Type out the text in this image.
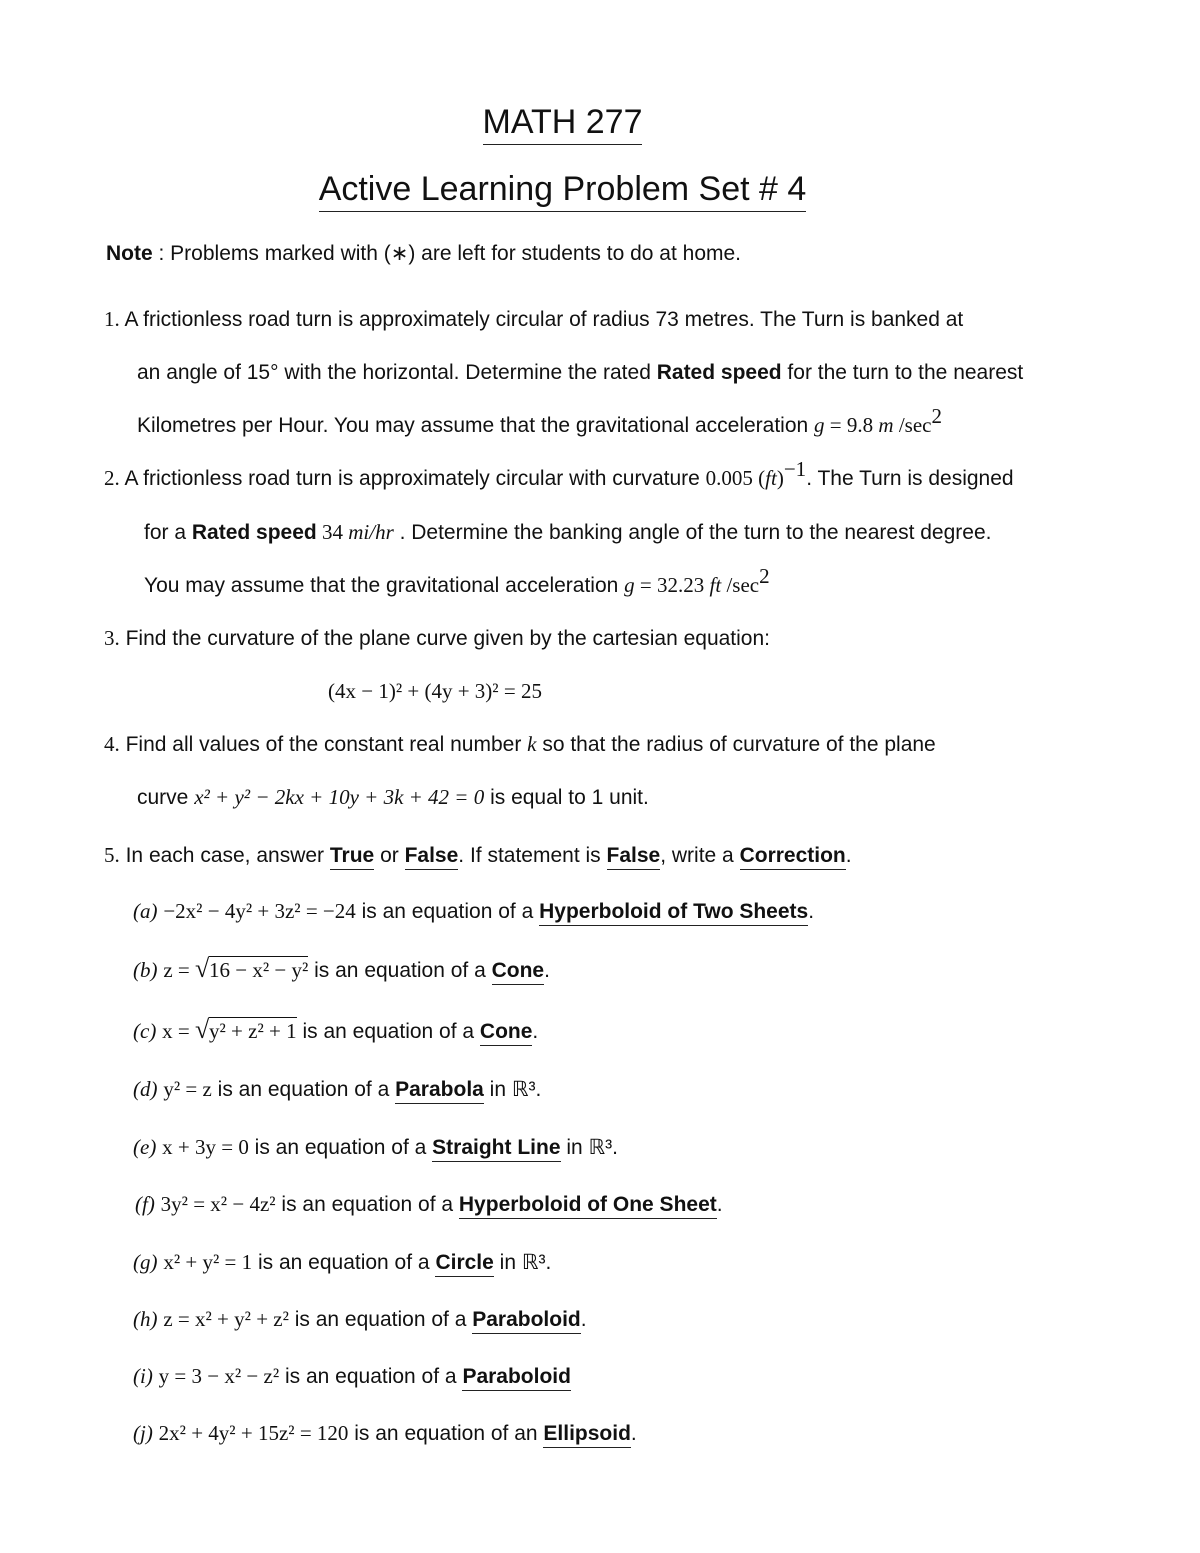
MATH 277
Active Learning Problem Set # 4
Note : Problems marked with (∗) are left for students to do at home.
1. A frictionless road turn is approximately circular of radius 73 metres. The Turn is banked at
an angle of 15° with the horizontal. Determine the rated Rated speed for the turn to the nearest
Kilometres per Hour. You may assume that the gravitational acceleration g = 9.8 m $/\sec^2$
2. A frictionless road turn is approximately circular with curvature 0.005 (ft)$^{-1}$. The Turn is designed
for a Rated speed 34 mi/hr . Determine the banking angle of the turn to the nearest degree.
You may assume that the gravitational acceleration g = 32.23 ft $/\sec^2$
3. Find the curvature of the plane curve given by the cartesian equation:
(4x − 1)² + (4y + 3)² = 25
4. Find all values of the constant real number k so that the radius of curvature of the plane
curve x² + y² − 2kx + 10y + 3k + 42 = 0 is equal to 1 unit.
5. In each case, answer True or False. If statement is False, write a Correction.
(a) −2x² − 4y² + 3z² = −24 is an equation of a Hyperboloid of Two Sheets.
(b) z = √ 16 − x² − y² is an equation of a Cone.
(c) x = √ y² + z² + 1 is an equation of a Cone.
(d) y² = z is an equation of a Parabola in ℝ³.
(e) x + 3y = 0 is an equation of a Straight Line in ℝ³.
(f) 3y² = x² − 4z² is an equation of a Hyperboloid of One Sheet.
(g) x² + y² = 1 is an equation of a Circle in ℝ³.
(h) z = x² + y² + z² is an equation of a Paraboloid.
(i) y = 3 − x² − z² is an equation of a Paraboloid
(j) 2x² + 4y² + 15z² = 120 is an equation of an Ellipsoid.
